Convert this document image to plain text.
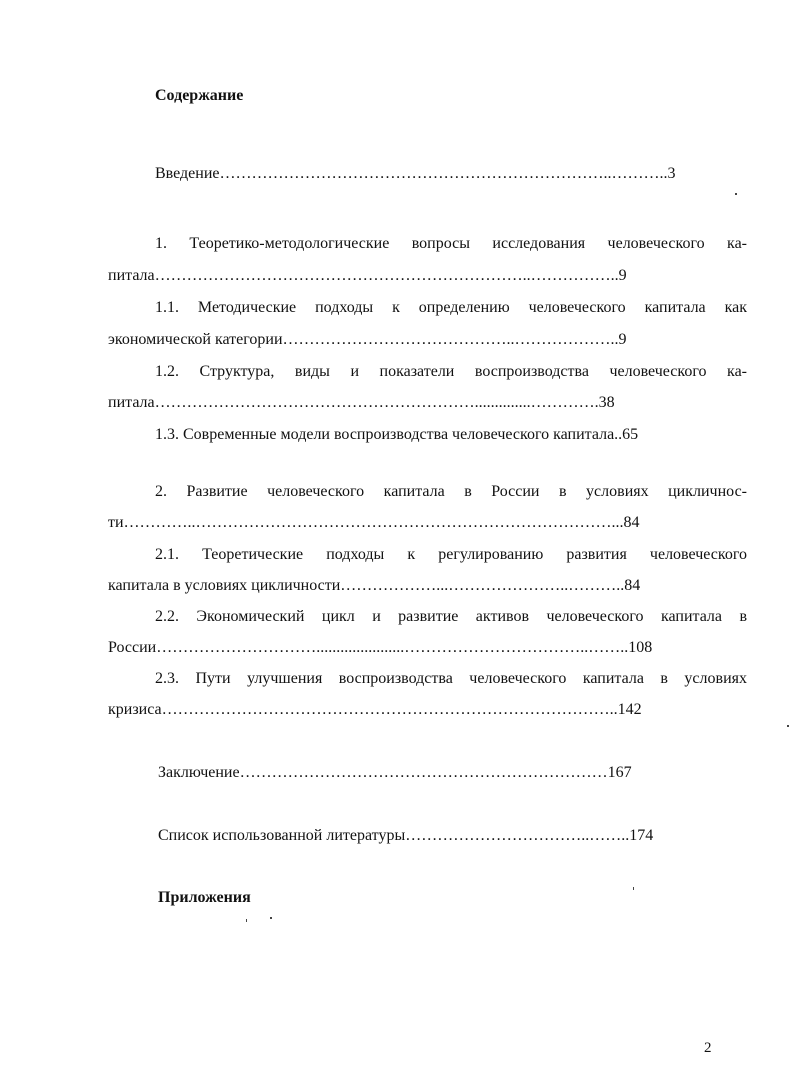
Содержание

Введение………………………………………………………………..………..3

1. Теоретико-методологические вопросы исследования человеческого ка-

питала……………………………………………………………..……………..9

1.1. Методические подходы к определению человеческого капитала как

экономической категории……………………………………..………………..9

1.2. Структура, виды и показатели воспроизводства человеческого ка-

питала……………………………………………………..............………….38

1.3. Современные модели воспроизводства человеческого капитала..65

2. Развитие человеческого капитала в России в условиях цикличнос-

ти…………..……………………………………………………………………...84

2.1. Теоретические подходы к регулированию развития человеческого

капитала в условиях цикличности………………...…………………..………..84

2.2. Экономический цикл и развитие активов человеческого капитала в

России…………………………......................……………………………..……..108

2.3. Пути улучшения воспроизводства человеческого капитала в условиях

кризиса…………………………………………………………………………..142

Заключение……………………………………………………………167

Список использованной литературы……………………………..……..174

Приложения

2
